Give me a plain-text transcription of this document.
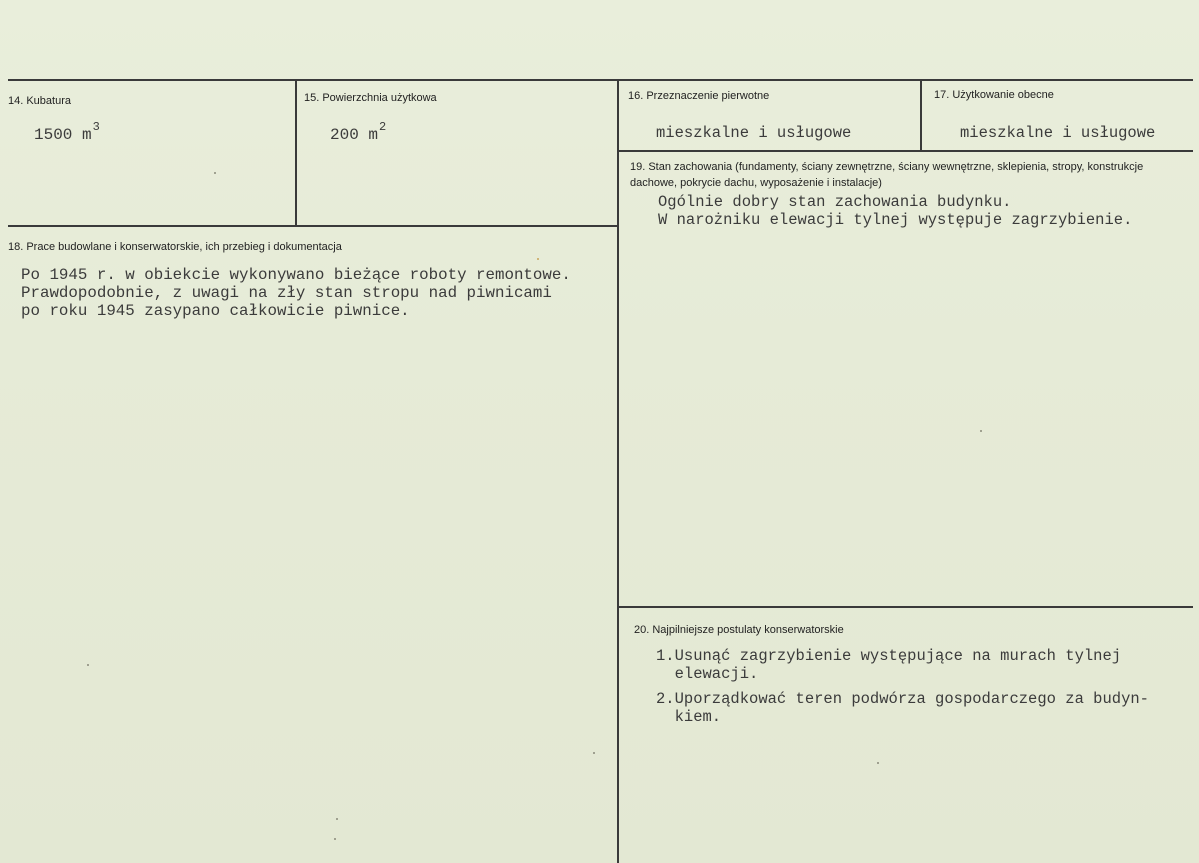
14. Kubatura
1500 $m^3$
15. Powierzchnia użytkowa
200 $m^2$
16. Przeznaczenie pierwotne
mieszkalne i usługowe
17. Użytkowanie obecne
mieszkalne i usługowe
18. Prace budowlane i konserwatorskie, ich przebieg i dokumentacja
Po 1945 r. w obiekcie wykonywano bieżące roboty remontowe.
Prawdopodobnie, z uwagi na zły stan stropu nad piwnicami
po roku 1945 zasypano całkowicie piwnice.
19. Stan zachowania (fundamenty, ściany zewnętrzne, ściany wewnętrzne, sklepienia, stropy, konstrukcje dachowe, pokrycie dachu, wyposażenie i instalacje)
Ogólnie dobry stan zachowania budynku.
W narożniku elewacji tylnej występuje zagrzybienie.
20. Najpilniejsze postulaty konserwatorskie
1.Usunąć zagrzybienie występujące na murach tylnej
elewacji.
2.Uporządkować teren podwórza gospodarczego za budyn-
kiem.
